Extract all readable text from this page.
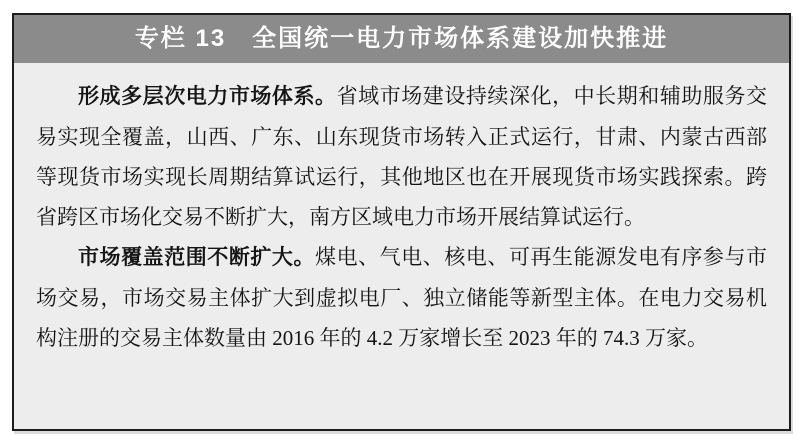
专栏 13　全国统一电力市场体系建设加快推进

形成多层次电力市场体系。省域市场建设持续深化，中长期和辅助服务交易实现全覆盖，山西、广东、山东现货市场转入正式运行，甘肃、内蒙古西部等现货市场实现长周期结算试运行，其他地区也在开展现货市场实践探索。跨省跨区市场化交易不断扩大，南方区域电力市场开展结算试运行。

市场覆盖范围不断扩大。煤电、气电、核电、可再生能源发电有序参与市场交易，市场交易主体扩大到虚拟电厂、独立储能等新型主体。在电力交易机构注册的交易主体数量由 2016 年的 4.2 万家增长至 2023 年的 74.3 万家。
